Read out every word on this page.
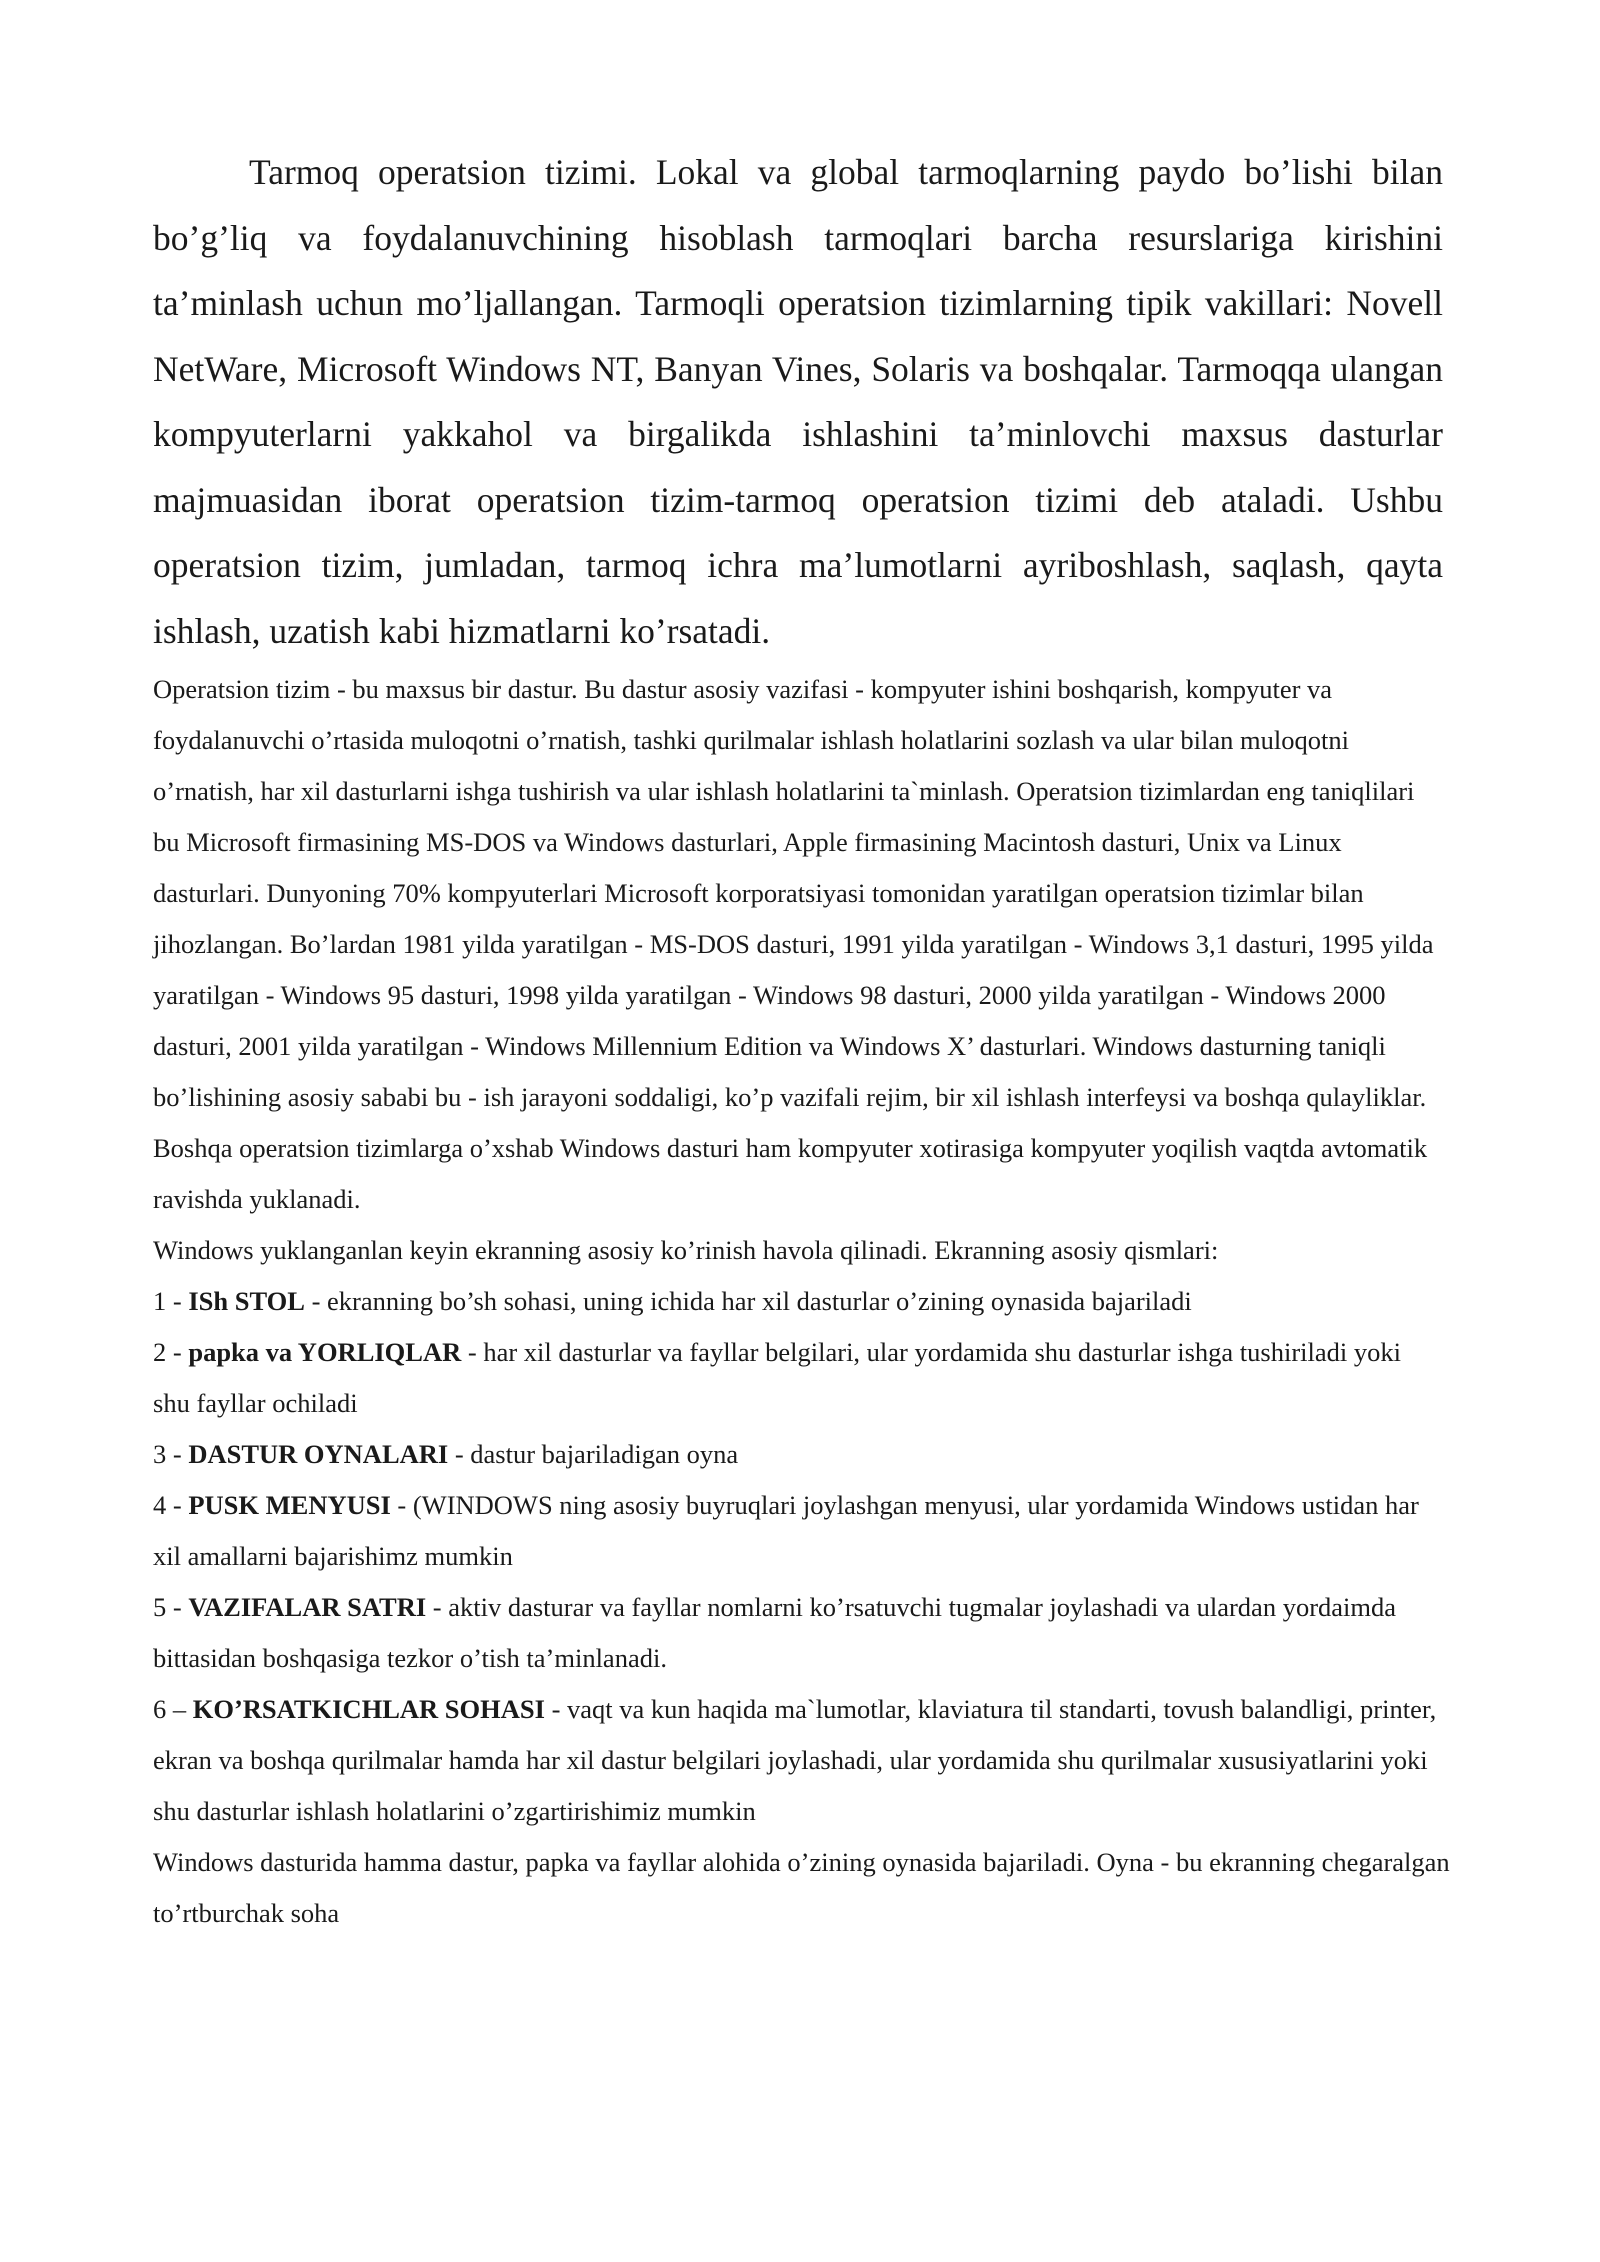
Tarmoq operatsion tizimi. Lokal va global tarmoqlarning paydo bo’lishi bilan bo’g’liq va foydalanuvchining hisoblash tarmoqlari barcha resurslariga kirishini ta’minlash uchun mo’ljallangan. Tarmoqli operatsion tizimlarning tipik vakillari: Novell NetWare, Microsoft Windows NT, Banyan Vines, Solaris va boshqalar. Tarmoqqa ulangan kompyuterlarni yakkahol va birgalikda ishlashini ta’minlovchi maxsus dasturlar majmuasidan iborat operatsion tizim-tarmoq operatsion tizimi deb ataladi. Ushbu operatsion tizim, jumladan, tarmoq ichra ma’lumotlarni ayriboshlash, saqlash, qayta ishlash, uzatish kabi hizmatlarni ko’rsatadi.

Operatsion tizim - bu maxsus bir dastur. Bu dastur asosiy vazifasi - kompyuter ishini boshqarish, kompyuter va foydalanuvchi o’rtasida muloqotni o’rnatish, tashki qurilmalar ishlash holatlarini sozlash va ular bilan muloqotni o’rnatish, har xil dasturlarni ishga tushirish va ular ishlash holatlarini ta`minlash. Operatsion tizimlardan eng taniqlilari bu Microsoft firmasining MS-DOS va Windows dasturlari, Apple firmasining Macintosh dasturi, Unix va Linux dasturlari. Dunyoning 70% kompyuterlari Microsoft korporatsiyasi tomonidan yaratilgan operatsion tizimlar bilan jihozlangan. Bo’lardan 1981 yilda yaratilgan - MS-DOS dasturi, 1991 yilda yaratilgan - Windows 3,1 dasturi, 1995 yilda yaratilgan - Windows 95 dasturi, 1998 yilda yaratilgan - Windows 98 dasturi, 2000 yilda yaratilgan - Windows 2000 dasturi, 2001 yilda yaratilgan - Windows Millennium Edition va Windows X’ dasturlari. Windows dasturning taniqli bo’lishining asosiy sababi bu - ish jarayoni soddaligi, ko’p vazifali rejim, bir xil ishlash interfeysi va boshqa qulayliklar. Boshqa operatsion tizimlarga o’xshab Windows dasturi ham kompyuter xotirasiga kompyuter yoqilish vaqtda avtomatik ravishda yuklanadi.

Windows yuklanganlan keyin ekranning asosiy ko’rinish havola qilinadi. Ekranning asosiy qismlari:

1 - ISh STOL - ekranning bo’sh sohasi, uning ichida har xil dasturlar o’zining oynasida bajariladi

2 - papka va YORLIQLAR - har xil dasturlar va fayllar belgilari, ular yordamida shu dasturlar ishga tushiriladi yoki shu fayllar ochiladi

3 - DASTUR OYNALARI - dastur bajariladigan oyna

4 - PUSK MENYUSI - (WINDOWS ning asosiy buyruqlari joylashgan menyusi, ular yordamida Windows ustidan har xil amallarni bajarishimz mumkin

5 - VAZIFALAR SATRI - aktiv dasturar va fayllar nomlarni ko’rsatuvchi tugmalar joylashadi va ulardan yordaimda bittasidan boshqasiga tezkor o’tish ta’minlanadi.

6 – KO’RSATKICHLAR SOHASI - vaqt va kun haqida ma`lumotlar, klaviatura til standarti, tovush balandligi, printer, ekran va boshqa qurilmalar hamda har xil dastur belgilari joylashadi, ular yordamida shu qurilmalar xususiyatlarini yoki shu dasturlar ishlash holatlarini o’zgartirishimiz mumkin

Windows dasturida hamma dastur, papka va fayllar alohida o’zining oynasida bajariladi. Oyna - bu ekranning chegaralgan to’rtburchak soha
